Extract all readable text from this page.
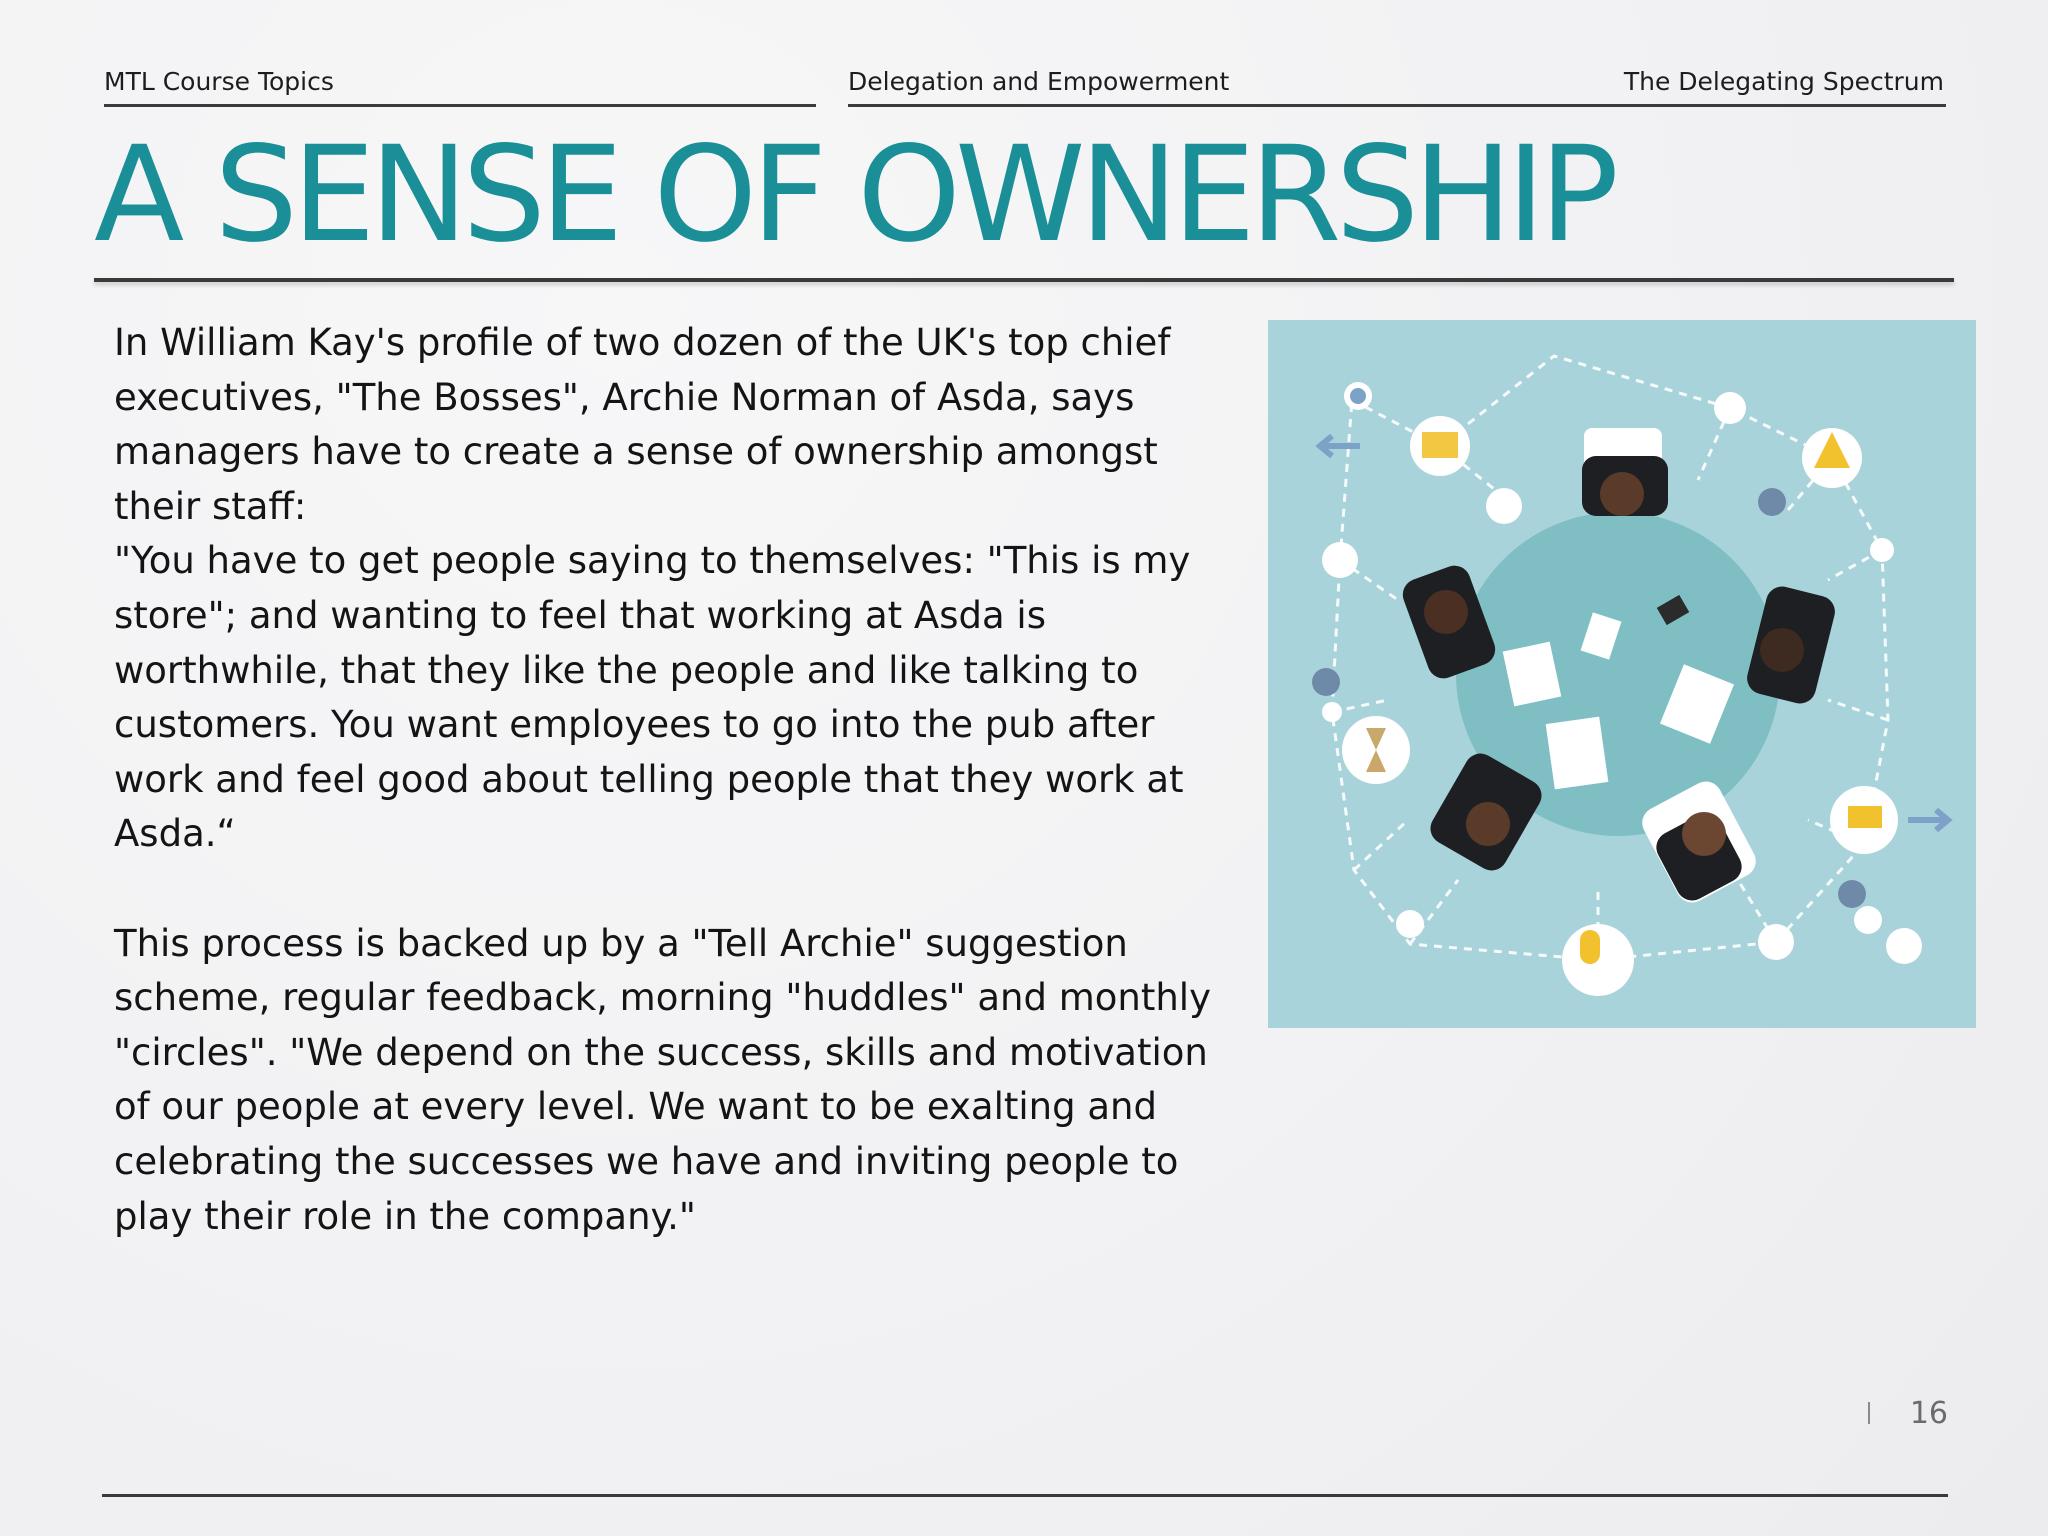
MTL Course Topics	Delegation and Empowerment	The Delegating Spectrum
A SENSE OF OWNERSHIP

In William Kay's profile of two dozen of the UK's top chief executives, "The Bosses", Archie Norman of Asda, says managers have to create a sense of ownership amongst their staff:

"You have to get people saying to themselves: "This is my store"; and wanting to feel that working at Asda is worthwhile, that they like the people and like talking to customers. You want employees to go into the pub after work and feel good about telling people that they work at Asda.“

This process is backed up by a "Tell Archie" suggestion scheme, regular feedback, morning "huddles" and monthly "circles". "We depend on the success, skills and motivation of our people at every level. We want to be exalting and celebrating the successes we have and inviting people to play their role in the company."

16
